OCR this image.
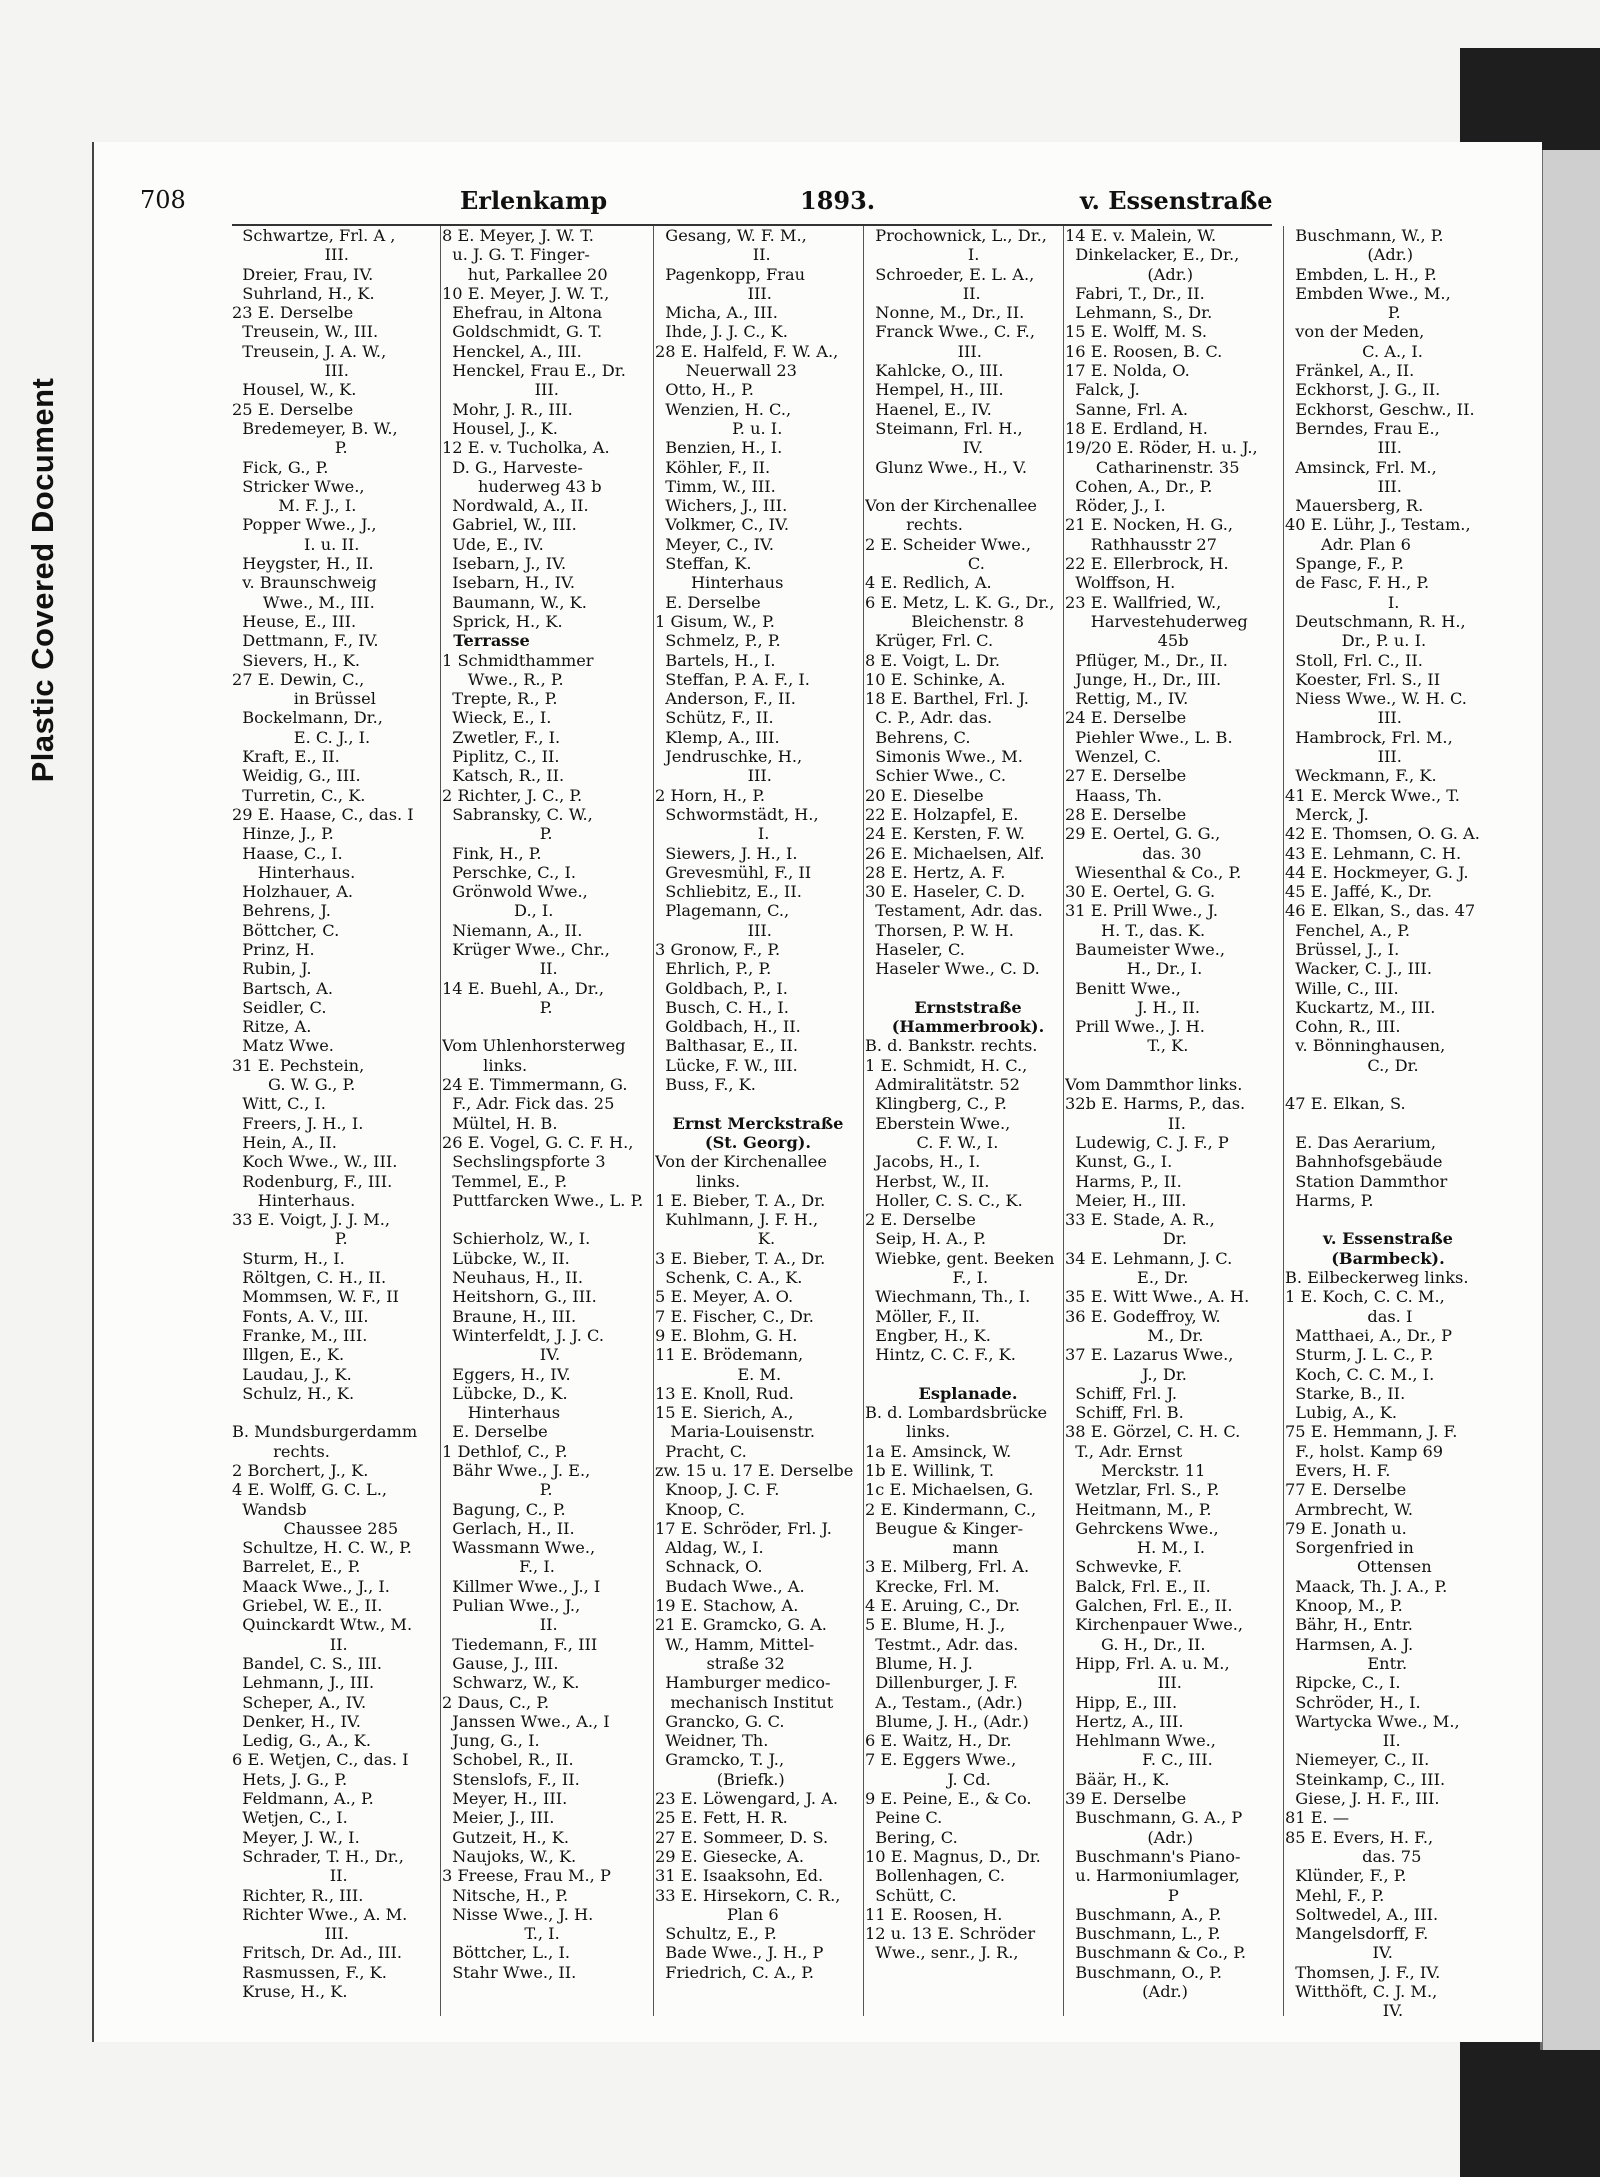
Plastic Covered Document
708	Erlenkamp	1893.	v. Essenstraße
Schwartze, Frl. A ,
III.
Dreier, Frau, IV.
Suhrland, H., K.
23 E. Derselbe
Treusein, W., III.
Treusein, J. A. W.,
III.
Housel, W., K.
25 E. Derselbe
Bredemeyer, B. W.,
P.
Fick, G., P.
Stricker Wwe.,
M. F. J., I.
Popper Wwe., J.,
I. u. II.
Heygster, H., II.
v. Braunschweig
Wwe., M., III.
Heuse, E., III.
Dettmann, F., IV.
Sievers, H., K.
27 E. Dewin, C.,
in Brüssel
Bockelmann, Dr.,
E. C. J., I.
Kraft, E., II.
Weidig, G., III.
Turretin, C., K.
29 E. Haase, C., das. I
Hinze, J., P.
Haase, C., I.
Hinterhaus.
Holzhauer, A.
Behrens, J.
Böttcher, C.
Prinz, H.
Rubin, J.
Bartsch, A.
Seidler, C.
Ritze, A.
Matz Wwe.
31 E. Pechstein,
G. W. G., P.
Witt, C., I.
Freers, J. H., I.
Hein, A., II.
Koch Wwe., W., III.
Rodenburg, F., III.
Hinterhaus.
33 E. Voigt, J. J. M.,
P.
Sturm, H., I.
Röltgen, C. H., II.
Mommsen, W. F., II
Fonts, A. V., III.
Franke, M., III.
Illgen, E., K.
Laudau, J., K.
Schulz, H., K.
B. Mundsburgerdamm
rechts.
2 Borchert, J., K.
4 E. Wolff, G. C. L.,
Wandsb
Chaussee 285
Schultze, H. C. W., P.
Barrelet, E., P.
Maack Wwe., J., I.
Griebel, W. E., II.
Quinckardt Wtw., M.
II.
Bandel, C. S., III.
Lehmann, J., III.
Scheper, A., IV.
Denker, H., IV.
Ledig, G., A., K.
6 E. Wetjen, C., das. I
Hets, J. G., P.
Feldmann, A., P.
Wetjen, C., I.
Meyer, J. W., I.
Schrader, T. H., Dr.,
II.
Richter, R., III.
Richter Wwe., A. M.
III.
Fritsch, Dr. Ad., III.
Rasmussen, F., K.
Kruse, H., K.
8 E. Meyer, J. W. T.
u. J. G. T. Finger-
hut, Parkallee 20
10 E. Meyer, J. W. T.,
Ehefrau, in Altona
Goldschmidt, G. T.
Henckel, A., III.
Henckel, Frau E., Dr.
III.
Mohr, J. R., III.
Housel, J., K.
12 E. v. Tucholka, A.
D. G., Harveste-
huderweg 43 b
Nordwald, A., II.
Gabriel, W., III.
Ude, E., IV.
Isebarn, J., IV.
Isebarn, H., IV.
Baumann, W., K.
Sprick, H., K.
Terrasse
1 Schmidthammer
Wwe., R., P.
Trepte, R., P.
Wieck, E., I.
Zwetler, F., I.
Piplitz, C., II.
Katsch, R., II.
2 Richter, J. C., P.
Sabransky, C. W.,
P.
Fink, H., P.
Perschke, C., I.
Grönwold Wwe.,
D., I.
Niemann, A., II.
Krüger Wwe., Chr.,
II.
14 E. Buehl, A., Dr.,
P.
Vom Uhlenhorsterweg
links.
24 E. Timmermann, G.
F., Adr. Fick das. 25
Mültel, H. B.
26 E. Vogel, G. C. F. H.,
Sechslingspforte 3
Temmel, E., P.
Puttfarcken Wwe., L. P.
Schierholz, W., I.
Lübcke, W., II.
Neuhaus, H., II.
Heitshorn, G., III.
Braune, H., III.
Winterfeldt, J. J. C.
IV.
Eggers, H., IV.
Lübcke, D., K.
Hinterhaus
E. Derselbe
1 Dethlof, C., P.
Bähr Wwe., J. E.,
P.
Bagung, C., P.
Gerlach, H., II.
Wassmann Wwe.,
F., I.
Killmer Wwe., J., I
Pulian Wwe., J.,
II.
Tiedemann, F., III
Gause, J., III.
Schwarz, W., K.
2 Daus, C., P.
Janssen Wwe., A., I
Jung, G., I.
Schobel, R., II.
Stenslofs, F., II.
Meyer, H., III.
Meier, J., III.
Gutzeit, H., K.
Naujoks, W., K.
3 Freese, Frau M., P
Nitsche, H., P.
Nisse Wwe., J. H.
T., I.
Böttcher, L., I.
Stahr Wwe., II.
Gesang, W. F. M.,
II.
Pagenkopp, Frau
III.
Micha, A., III.
Ihde, J. J. C., K.
28 E. Halfeld, F. W. A.,
Neuerwall 23
Otto, H., P.
Wenzien, H. C.,
P. u. I.
Benzien, H., I.
Köhler, F., II.
Timm, W., III.
Wichers, J., III.
Volkmer, C., IV.
Meyer, C., IV.
Steffan, K.
Hinterhaus
E. Derselbe
1 Gisum, W., P.
Schmelz, P., P.
Bartels, H., I.
Steffan, P. A. F., I.
Anderson, F., II.
Schütz, F., II.
Klemp, A., III.
Jendruschke, H.,
III.
2 Horn, H., P.
Schwormstädt, H.,
I.
Siewers, J. H., I.
Grevesmühl, F., II
Schliebitz, E., II.
Plagemann, C.,
III.
3 Gronow, F., P.
Ehrlich, P., P.
Goldbach, P., I.
Busch, C. H., I.
Goldbach, H., II.
Balthasar, E., II.
Lücke, F. W., III.
Buss, F., K.
Ernst Merckstraße
(St. Georg).
Von der Kirchenallee
links.
1 E. Bieber, T. A., Dr.
Kuhlmann, J. F. H.,
K.
3 E. Bieber, T. A., Dr.
Schenk, C. A., K.
5 E. Meyer, A. O.
7 E. Fischer, C., Dr.
9 E. Blohm, G. H.
11 E. Brödemann,
E. M.
13 E. Knoll, Rud.
15 E. Sierich, A.,
Maria-Louisenstr.
Pracht, C.
zw. 15 u. 17 E. Derselbe
Knoop, J. C. F.
Knoop, C.
17 E. Schröder, Frl. J.
Aldag, W., I.
Schnack, O.
Budach Wwe., A.
19 E. Stachow, A.
21 E. Gramcko, G. A.
W., Hamm, Mittel-
straße 32
Hamburger medico-
mechanisch Institut
Grancko, G. C.
Weidner, Th.
Gramcko, T. J.,
(Briefk.)
23 E. Löwengard, J. A.
25 E. Fett, H. R.
27 E. Sommeer, D. S.
29 E. Giesecke, A.
31 E. Isaaksohn, Ed.
33 E. Hirsekorn, C. R.,
Plan 6
Schultz, E., P.
Bade Wwe., J. H., P
Friedrich, C. A., P.
Prochownick, L., Dr.,
I.
Schroeder, E. L. A.,
II.
Nonne, M., Dr., II.
Franck Wwe., C. F.,
III.
Kahlcke, O., III.
Hempel, H., III.
Haenel, E., IV.
Steimann, Frl. H.,
IV.
Glunz Wwe., H., V.
Von der Kirchenallee
rechts.
2 E. Scheider Wwe.,
C.
4 E. Redlich, A.
6 E. Metz, L. K. G., Dr.,
Bleichenstr. 8
Krüger, Frl. C.
8 E. Voigt, L. Dr.
10 E. Schinke, A.
18 E. Barthel, Frl. J.
C. P., Adr. das.
Behrens, C.
Simonis Wwe., M.
Schier Wwe., C.
20 E. Dieselbe
22 E. Holzapfel, E.
24 E. Kersten, F. W.
26 E. Michaelsen, Alf.
28 E. Hertz, A. F.
30 E. Haseler, C. D.
Testament, Adr. das.
Thorsen, P. W. H.
Haseler, C.
Haseler Wwe., C. D.
Ernststraße
(Hammerbrook).
B. d. Bankstr. rechts.
1 E. Schmidt, H. C.,
Admiralitätstr. 52
Klingberg, C., P.
Eberstein Wwe.,
C. F. W., I.
Jacobs, H., I.
Herbst, W., II.
Holler, C. S. C., K.
2 E. Derselbe
Seip, H. A., P.
Wiebke, gent. Beeken
F., I.
Wiechmann, Th., I.
Möller, F., II.
Engber, H., K.
Hintz, C. C. F., K.
Esplanade.
B. d. Lombardsbrücke
links.
1a E. Amsinck, W.
1b E. Willink, T.
1c E. Michaelsen, G.
2 E. Kindermann, C.,
Beugue & Kinger-
mann
3 E. Milberg, Frl. A.
Krecke, Frl. M.
4 E. Aruing, C., Dr.
5 E. Blume, H. J.,
Testmt., Adr. das.
Blume, H. J.
Dillenburger, J. F.
A., Testam., (Adr.)
Blume, J. H., (Adr.)
6 E. Waitz, H., Dr.
7 E. Eggers Wwe.,
J. Cd.
9 E. Peine, E., & Co.
Peine C.
Bering, C.
10 E. Magnus, D., Dr.
Bollenhagen, C.
Schütt, C.
11 E. Roosen, H.
12 u. 13 E. Schröder
Wwe., senr., J. R.,
14 E. v. Malein, W.
Dinkelacker, E., Dr.,
(Adr.)
Fabri, T., Dr., II.
Lehmann, S., Dr.
15 E. Wolff, M. S.
16 E. Roosen, B. C.
17 E. Nolda, O.
Falck, J.
Sanne, Frl. A.
18 E. Erdland, H.
19/20 E. Röder, H. u. J.,
Catharinenstr. 35
Cohen, A., Dr., P.
Röder, J., I.
21 E. Nocken, H. G.,
Rathhausstr 27
22 E. Ellerbrock, H.
Wolffson, H.
23 E. Wallfried, W.,
Harvestehuderweg
45b
Pflüger, M., Dr., II.
Junge, H., Dr., III.
Rettig, M., IV.
24 E. Derselbe
Piehler Wwe., L. B.
Wenzel, C.
27 E. Derselbe
Haass, Th.
28 E. Derselbe
29 E. Oertel, G. G.,
das. 30
Wiesenthal & Co., P.
30 E. Oertel, G. G.
31 E. Prill Wwe., J.
H. T., das. K.
Baumeister Wwe.,
H., Dr., I.
Benitt Wwe.,
J. H., II.
Prill Wwe., J. H.
T., K.
Vom Dammthor links.
32b E. Harms, P., das.
II.
Ludewig, C. J. F., P
Kunst, G., I.
Harms, P., II.
Meier, H., III.
33 E. Stade, A. R.,
Dr.
34 E. Lehmann, J. C.
E., Dr.
35 E. Witt Wwe., A. H.
36 E. Godeffroy, W.
M., Dr.
37 E. Lazarus Wwe.,
J., Dr.
Schiff, Frl. J.
Schiff, Frl. B.
38 E. Görzel, C. H. C.
T., Adr. Ernst
Merckstr. 11
Wetzlar, Frl. S., P.
Heitmann, M., P.
Gehrckens Wwe.,
H. M., I.
Schwevke, F.
Balck, Frl. E., II.
Galchen, Frl. E., II.
Kirchenpauer Wwe.,
G. H., Dr., II.
Hipp, Frl. A. u. M.,
III.
Hipp, E., III.
Hertz, A., III.
Hehlmann Wwe.,
F. C., III.
Bäär, H., K.
39 E. Derselbe
Buschmann, G. A., P
(Adr.)
Buschmann's Piano-
u. Harmoniumlager,
P
Buschmann, A., P.
Buschmann, L., P.
Buschmann & Co., P.
Buschmann, O., P.
(Adr.)
Buschmann, W., P.
(Adr.)
Embden, L. H., P.
Embden Wwe., M.,
P.
von der Meden,
C. A., I.
Fränkel, A., II.
Eckhorst, J. G., II.
Eckhorst, Geschw., II.
Berndes, Frau E.,
III.
Amsinck, Frl. M.,
III.
Mauersberg, R.
40 E. Lühr, J., Testam.,
Adr. Plan 6
Spange, F., P.
de Fasc, F. H., P.
I.
Deutschmann, R. H.,
Dr., P. u. I.
Stoll, Frl. C., II.
Koester, Frl. S., II
Niess Wwe., W. H. C.
III.
Hambrock, Frl. M.,
III.
Weckmann, F., K.
41 E. Merck Wwe., T.
Merck, J.
42 E. Thomsen, O. G. A.
43 E. Lehmann, C. H.
44 E. Hockmeyer, G. J.
45 E. Jaffé, K., Dr.
46 E. Elkan, S., das. 47
Fenchel, A., P.
Brüssel, J., I.
Wacker, C. J., III.
Wille, C., III.
Kuckartz, M., III.
Cohn, R., III.
v. Bönninghausen,
C., Dr.
47 E. Elkan, S.
E. Das Aerarium,
Bahnhofsgebäude
Station Dammthor
Harms, P.
v. Essenstraße
(Barmbeck).
B. Eilbeckerweg links.
1 E. Koch, C. C. M.,
das. I
Matthaei, A., Dr., P
Sturm, J. L. C., P.
Koch, C. C. M., I.
Starke, B., II.
Lubig, A., K.
75 E. Hemmann, J. F.
F., holst. Kamp 69
Evers, H. F.
77 E. Derselbe
Armbrecht, W.
79 E. Jonath u.
Sorgenfried in
Ottensen
Maack, Th. J. A., P.
Knoop, M., P.
Bähr, H., Entr.
Harmsen, A. J.
Entr.
Ripcke, C., I.
Schröder, H., I.
Wartycka Wwe., M.,
II.
Niemeyer, C., II.
Steinkamp, C., III.
Giese, J. H. F., III.
81 E. —
85 E. Evers, H. F.,
das. 75
Klünder, F., P.
Mehl, F., P.
Soltwedel, A., III.
Mangelsdorff, F.
IV.
Thomsen, J. F., IV.
Witthöft, C. J. M.,
IV.
